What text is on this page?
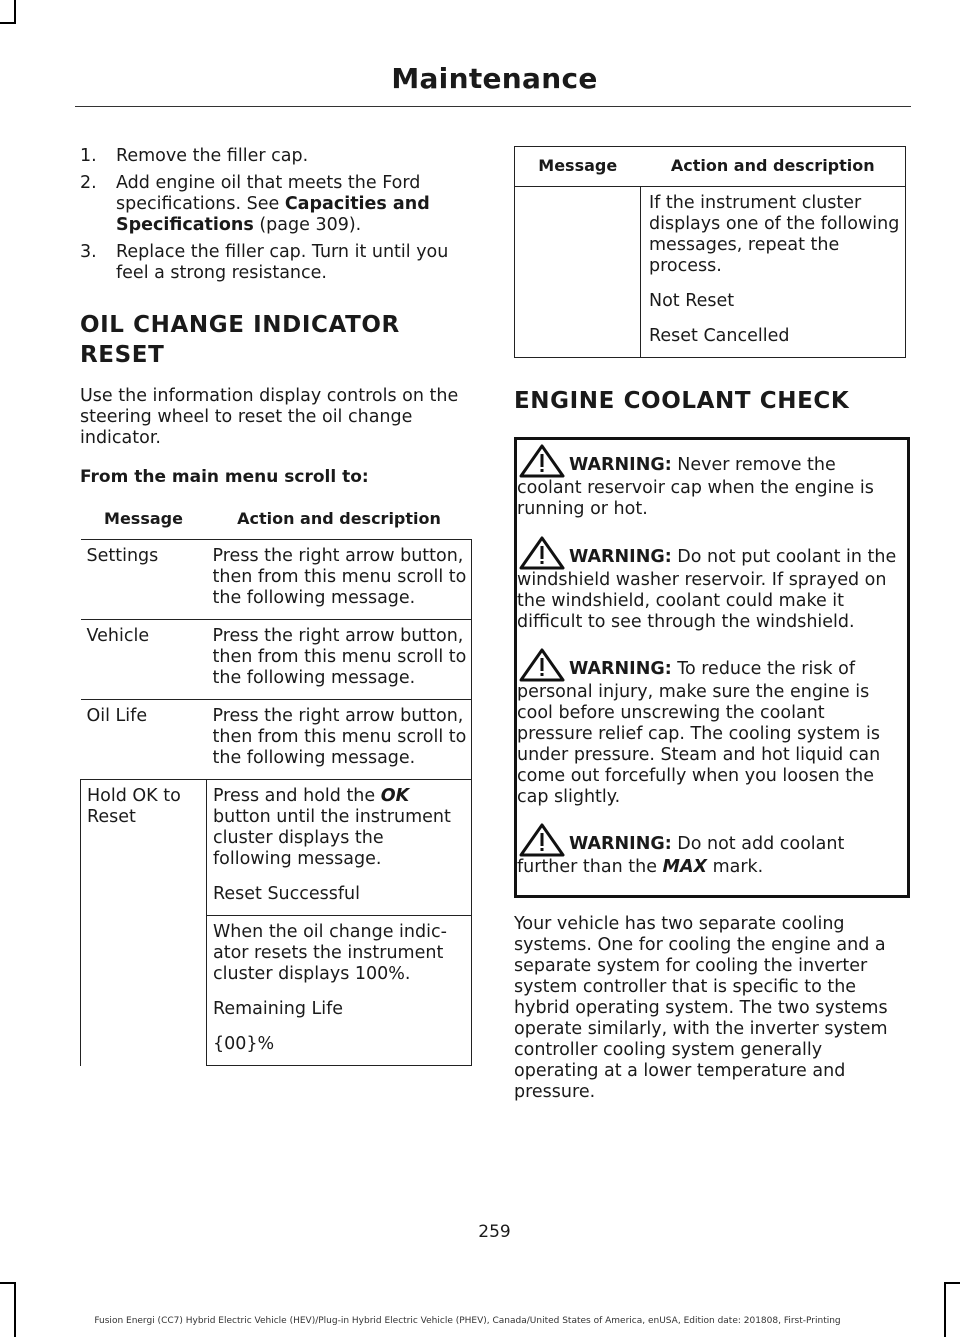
Maintenance
1. Remove the filler cap.
2. Add engine oil that meets the Ford specifications. See Capacities and Specifications (page 309).
3. Replace the filler cap. Turn it until you feel a strong resistance.
OIL CHANGE INDICATOR RESET

Use the information display controls on the steering wheel to reset the oil change indicator.

From the main menu scroll to:

Message	Action and description
Settings	Press the right arrow button, then from this menu scroll to the following message.
Vehicle	Press the right arrow button, then from this menu scroll to the following message.
Oil Life	Press the right arrow button, then from this menu scroll to the following message.
Hold OK to Reset	Press and hold the OK button until the instrument cluster displays the following message.
Reset Successful

	When the oil change indic-ator resets the instrument cluster displays 100%.
Remaining Life
{00}%
Message	Action and description

	If the instrument cluster displays one of the following messages, repeat the process.
Not Reset
Reset Cancelled
ENGINE COOLANT CHECK
WARNING: Never remove the coolant reservoir cap when the engine is running or hot.
WARNING: Do not put coolant in the windshield washer reservoir. If sprayed on the windshield, coolant could make it difficult to see through the windshield.
WARNING: To reduce the risk of personal injury, make sure the engine is cool before unscrewing the coolant pressure relief cap. The cooling system is under pressure. Steam and hot liquid can come out forcefully when you loosen the cap slightly.
WARNING: Do not add coolant further than the MAX mark.

Your vehicle has two separate cooling systems. One for cooling the engine and a separate system for cooling the inverter system controller that is specific to the hybrid operating system. The two systems operate similarly, with the inverter system controller cooling system generally operating at a lower temperature and pressure.

259
Fusion Energi (CC7) Hybrid Electric Vehicle (HEV)/Plug-in Hybrid Electric Vehicle (PHEV), Canada/United States of America, enUSA, Edition date: 201808, First-Printing
